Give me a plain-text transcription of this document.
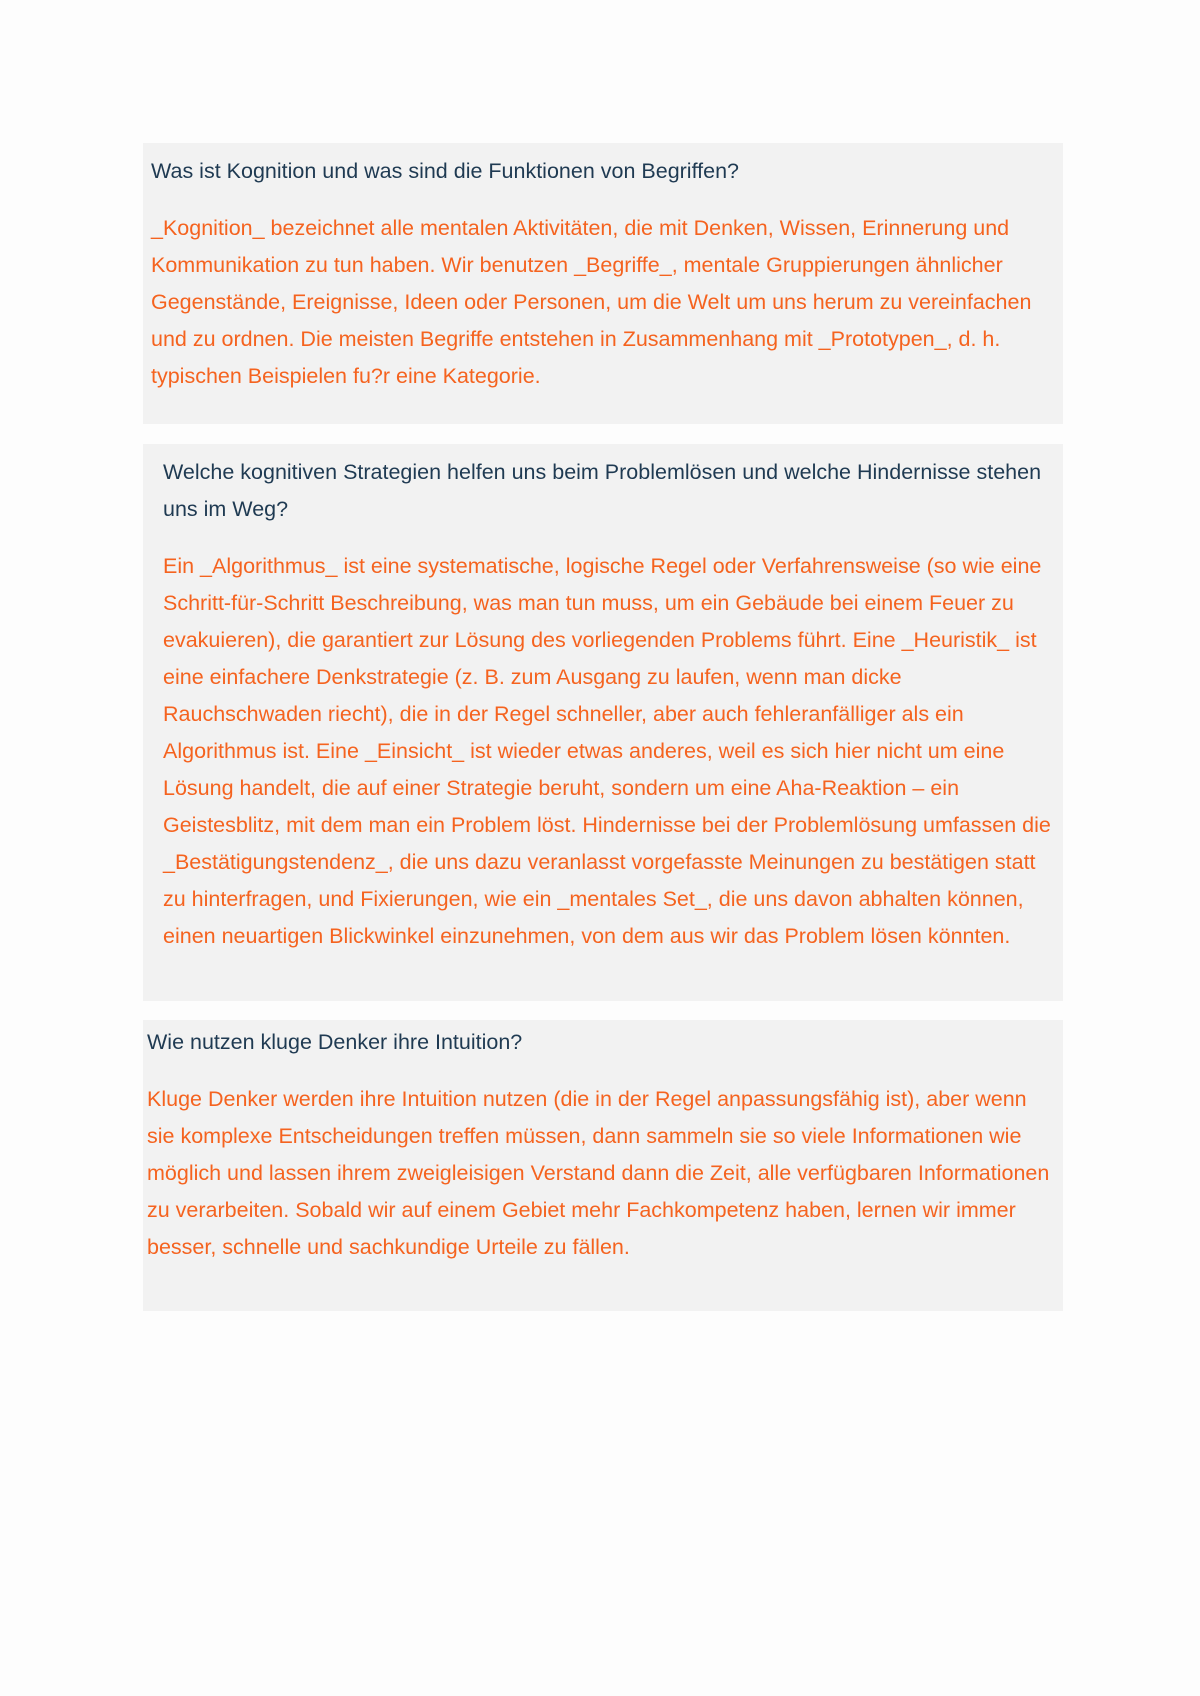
Was ist Kognition und was sind die Funktionen von Begriffen?

_Kognition_ bezeichnet alle mentalen Aktivitäten, die mit Denken, Wissen, Erinnerung und Kommunikation zu tun haben. Wir benutzen _Begriffe_, mentale Gruppierungen ähnlicher Gegenstände, Ereignisse, Ideen oder Personen, um die Welt um uns herum zu vereinfachen und zu ordnen. Die meisten Begriffe entstehen in Zusammenhang mit _Prototypen_, d. h. typischen Beispielen fu?r eine Kategorie.

Welche kognitiven Strategien helfen uns beim Problemlösen und welche Hindernisse stehen uns im Weg?

Ein _Algorithmus_ ist eine systematische, logische Regel oder Verfahrensweise (so wie eine Schritt-für-Schritt Beschreibung, was man tun muss, um ein Gebäude bei einem Feuer zu evakuieren), die garantiert zur Lösung des vorliegenden Problems führt. Eine _Heuristik_ ist eine einfachere Denkstrategie (z. B. zum Ausgang zu laufen, wenn man dicke Rauchschwaden riecht), die in der Regel schneller, aber auch fehleranfälliger als ein Algorithmus ist. Eine _Einsicht_ ist wieder etwas anderes, weil es sich hier nicht um eine Lösung handelt, die auf einer Strategie beruht, sondern um eine Aha-Reaktion – ein Geistesblitz, mit dem man ein Problem löst. Hindernisse bei der Problemlösung umfassen die _Bestätigungstendenz_, die uns dazu veranlasst vorgefasste Meinungen zu bestätigen statt zu hinterfragen, und Fixierungen, wie ein _mentales Set_, die uns davon abhalten können, einen neuartigen Blickwinkel einzunehmen, von dem aus wir das Problem lösen könnten.

Wie nutzen kluge Denker ihre Intuition?

Kluge Denker werden ihre Intuition nutzen (die in der Regel anpassungsfähig ist), aber wenn sie komplexe Entscheidungen treffen müssen, dann sammeln sie so viele Informationen wie möglich und lassen ihrem zweigleisigen Verstand dann die Zeit, alle verfügbaren Informationen zu verarbeiten. Sobald wir auf einem Gebiet mehr Fachkompetenz haben, lernen wir immer besser, schnelle und sachkundige Urteile zu fällen.
